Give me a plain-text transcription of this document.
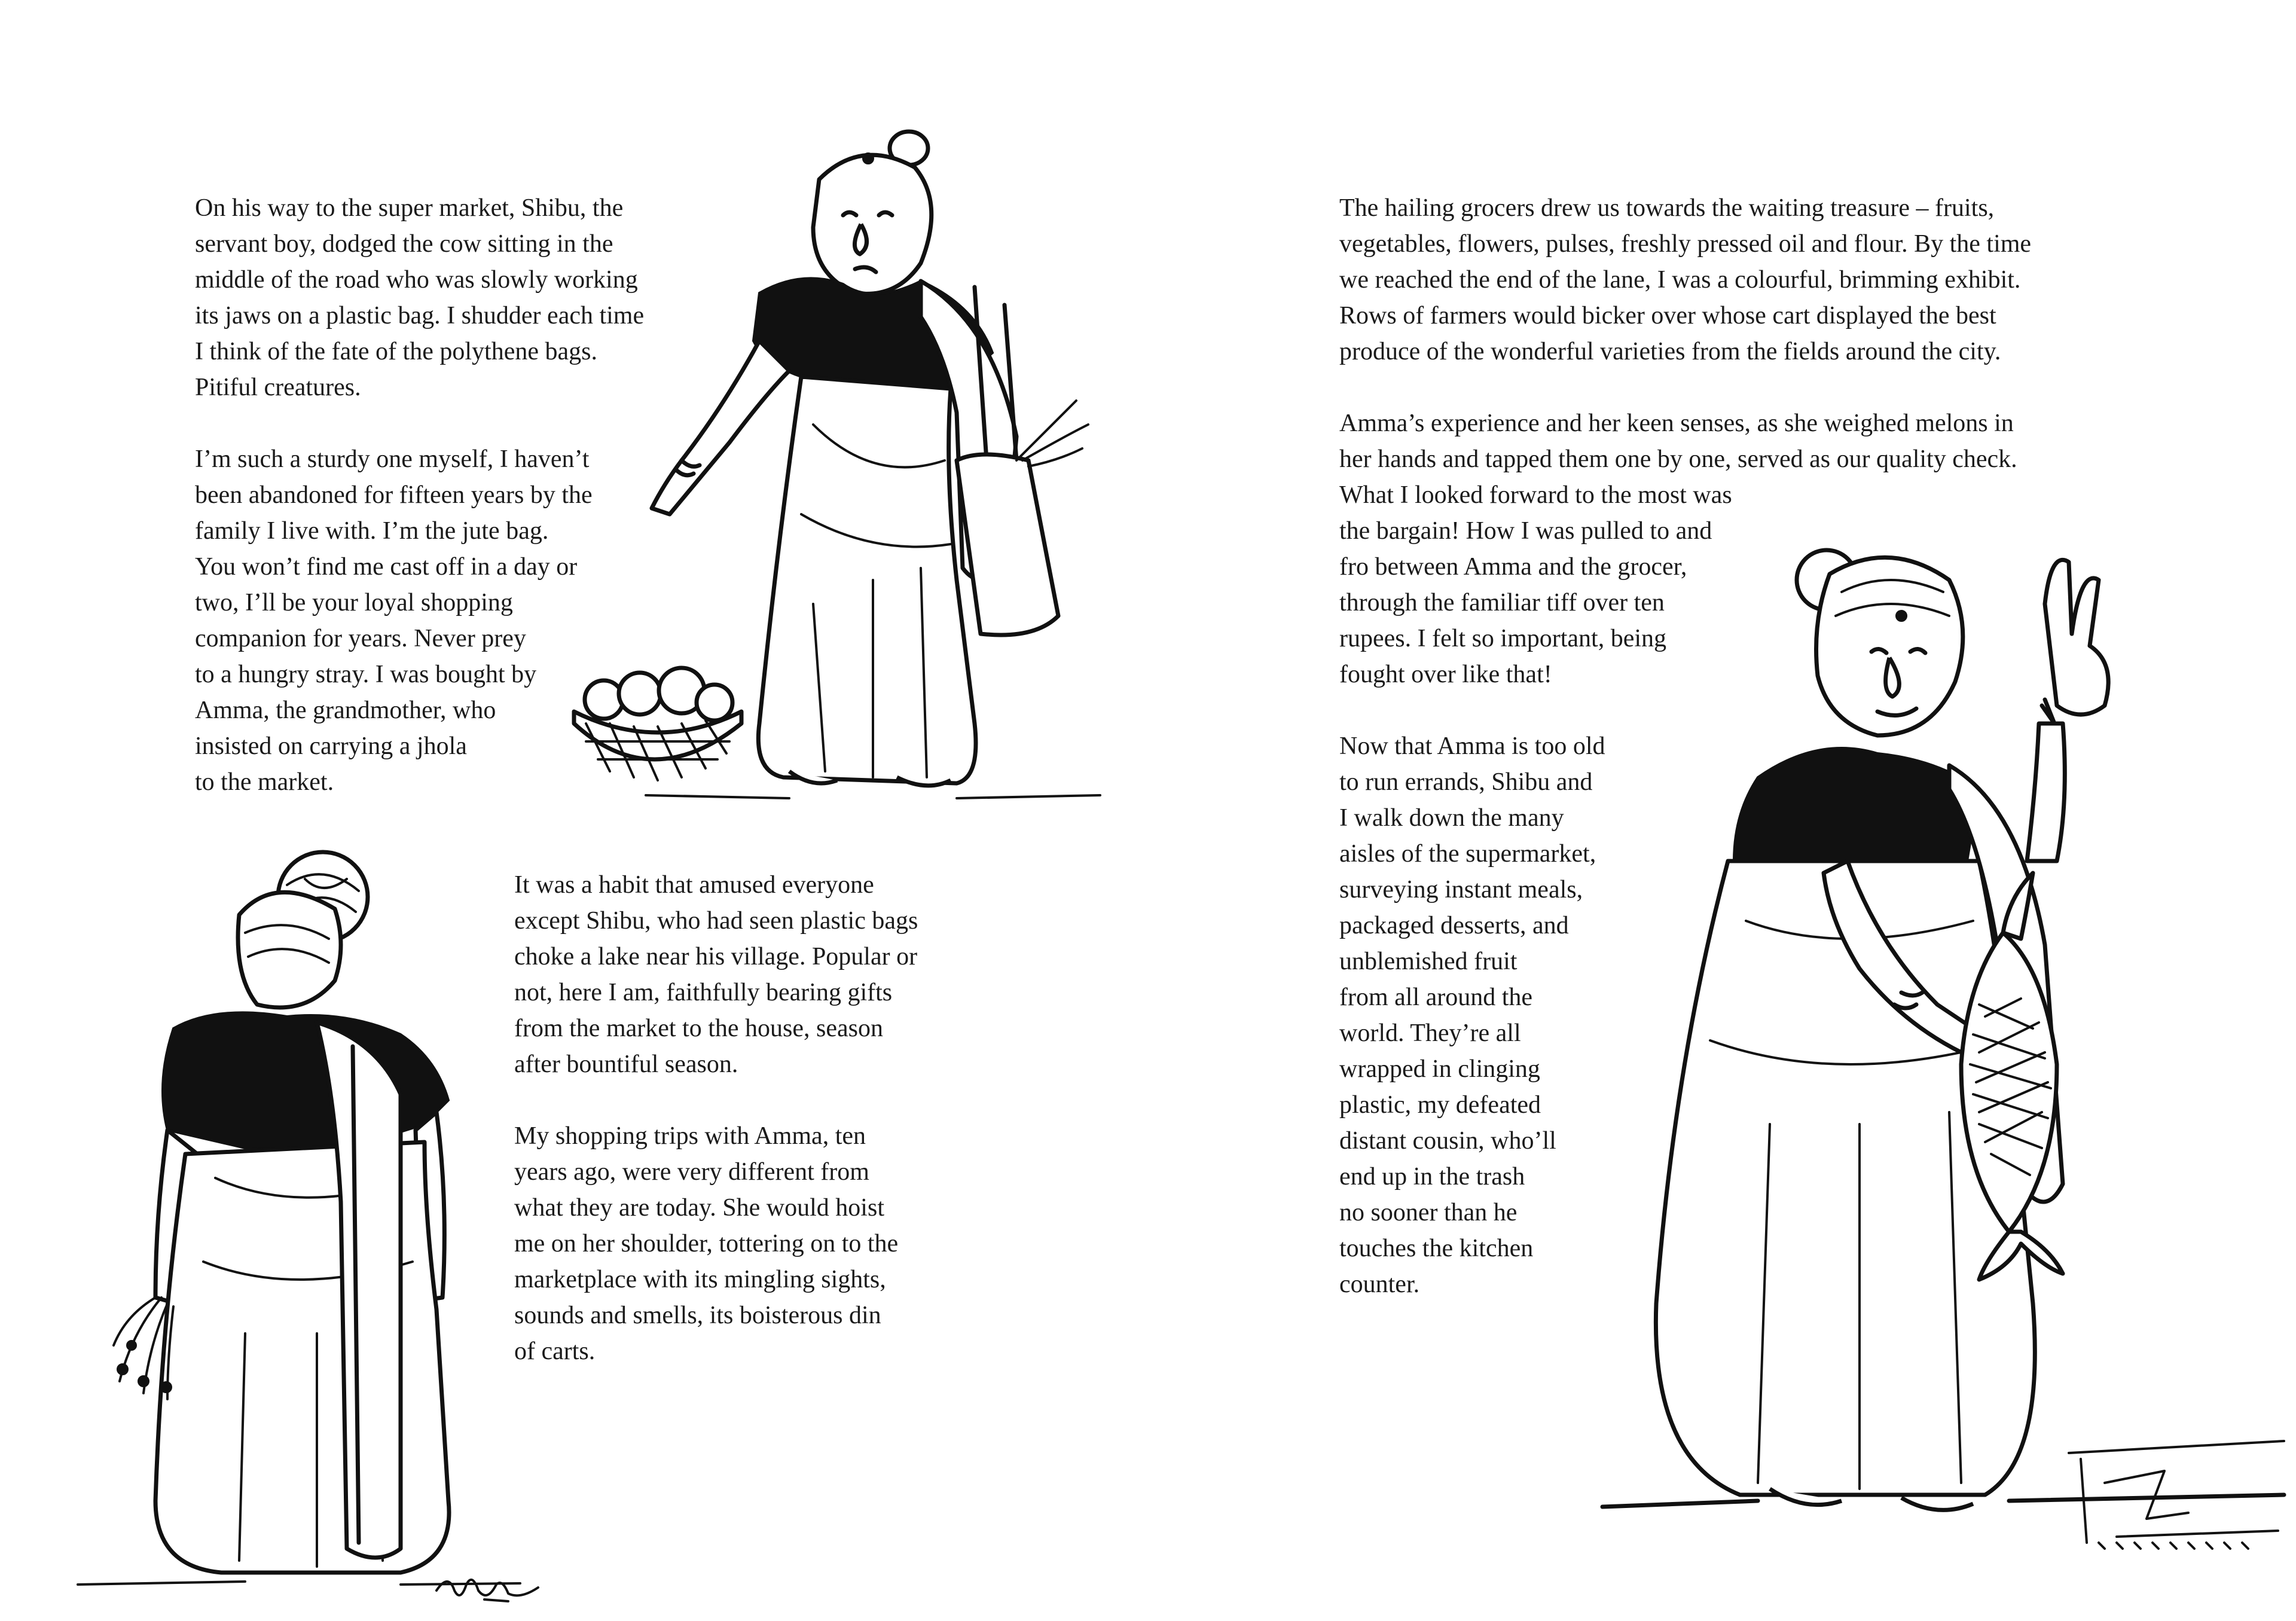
On his way to the super market, Shibu, the
servant boy, dodged the cow sitting in the
middle of the road who was slowly working
its jaws on a plastic bag. I shudder each time
I think of the fate of the polythene bags.
Pitiful creatures.

I’m such a sturdy one myself, I haven’t
been abandoned for fifteen years by the
family I live with. I’m the jute bag.
You won’t find me cast off in a day or
two, I’ll be your loyal shopping
companion for years. Never prey
to a hungry stray. I was bought by
Amma, the grandmother, who
insisted on carrying a jhola
to the market.

It was a habit that amused everyone
except Shibu, who had seen plastic bags
choke a lake near his village. Popular or
not, here I am, faithfully bearing gifts
from the market to the house, season
after bountiful season.

My shopping trips with Amma, ten
years ago, were very different from
what they are today. She would hoist
me on her shoulder, tottering on to the
marketplace with its mingling sights,
sounds and smells, its boisterous din
of carts.

The hailing grocers drew us towards the waiting treasure – fruits,
vegetables, flowers, pulses, freshly pressed oil and flour. By the time
we reached the end of the lane, I was a colourful, brimming exhibit.
Rows of farmers would bicker over whose cart displayed the best
produce of the wonderful varieties from the fields around the city.

Amma’s experience and her keen senses, as she weighed melons in
her hands and tapped them one by one, served as our quality check.
What I looked forward to the most was
the bargain! How I was pulled to and
fro between Amma and the grocer,
through the familiar tiff over ten
rupees. I felt so important, being
fought over like that!

Now that Amma is too old
to run errands, Shibu and
I walk down the many
aisles of the supermarket,
surveying instant meals,
packaged desserts, and
unblemished fruit
from all around the
world. They’re all
wrapped in clinging
plastic, my defeated
distant cousin, who’ll
end up in the trash
no sooner than he
touches the kitchen
counter.
